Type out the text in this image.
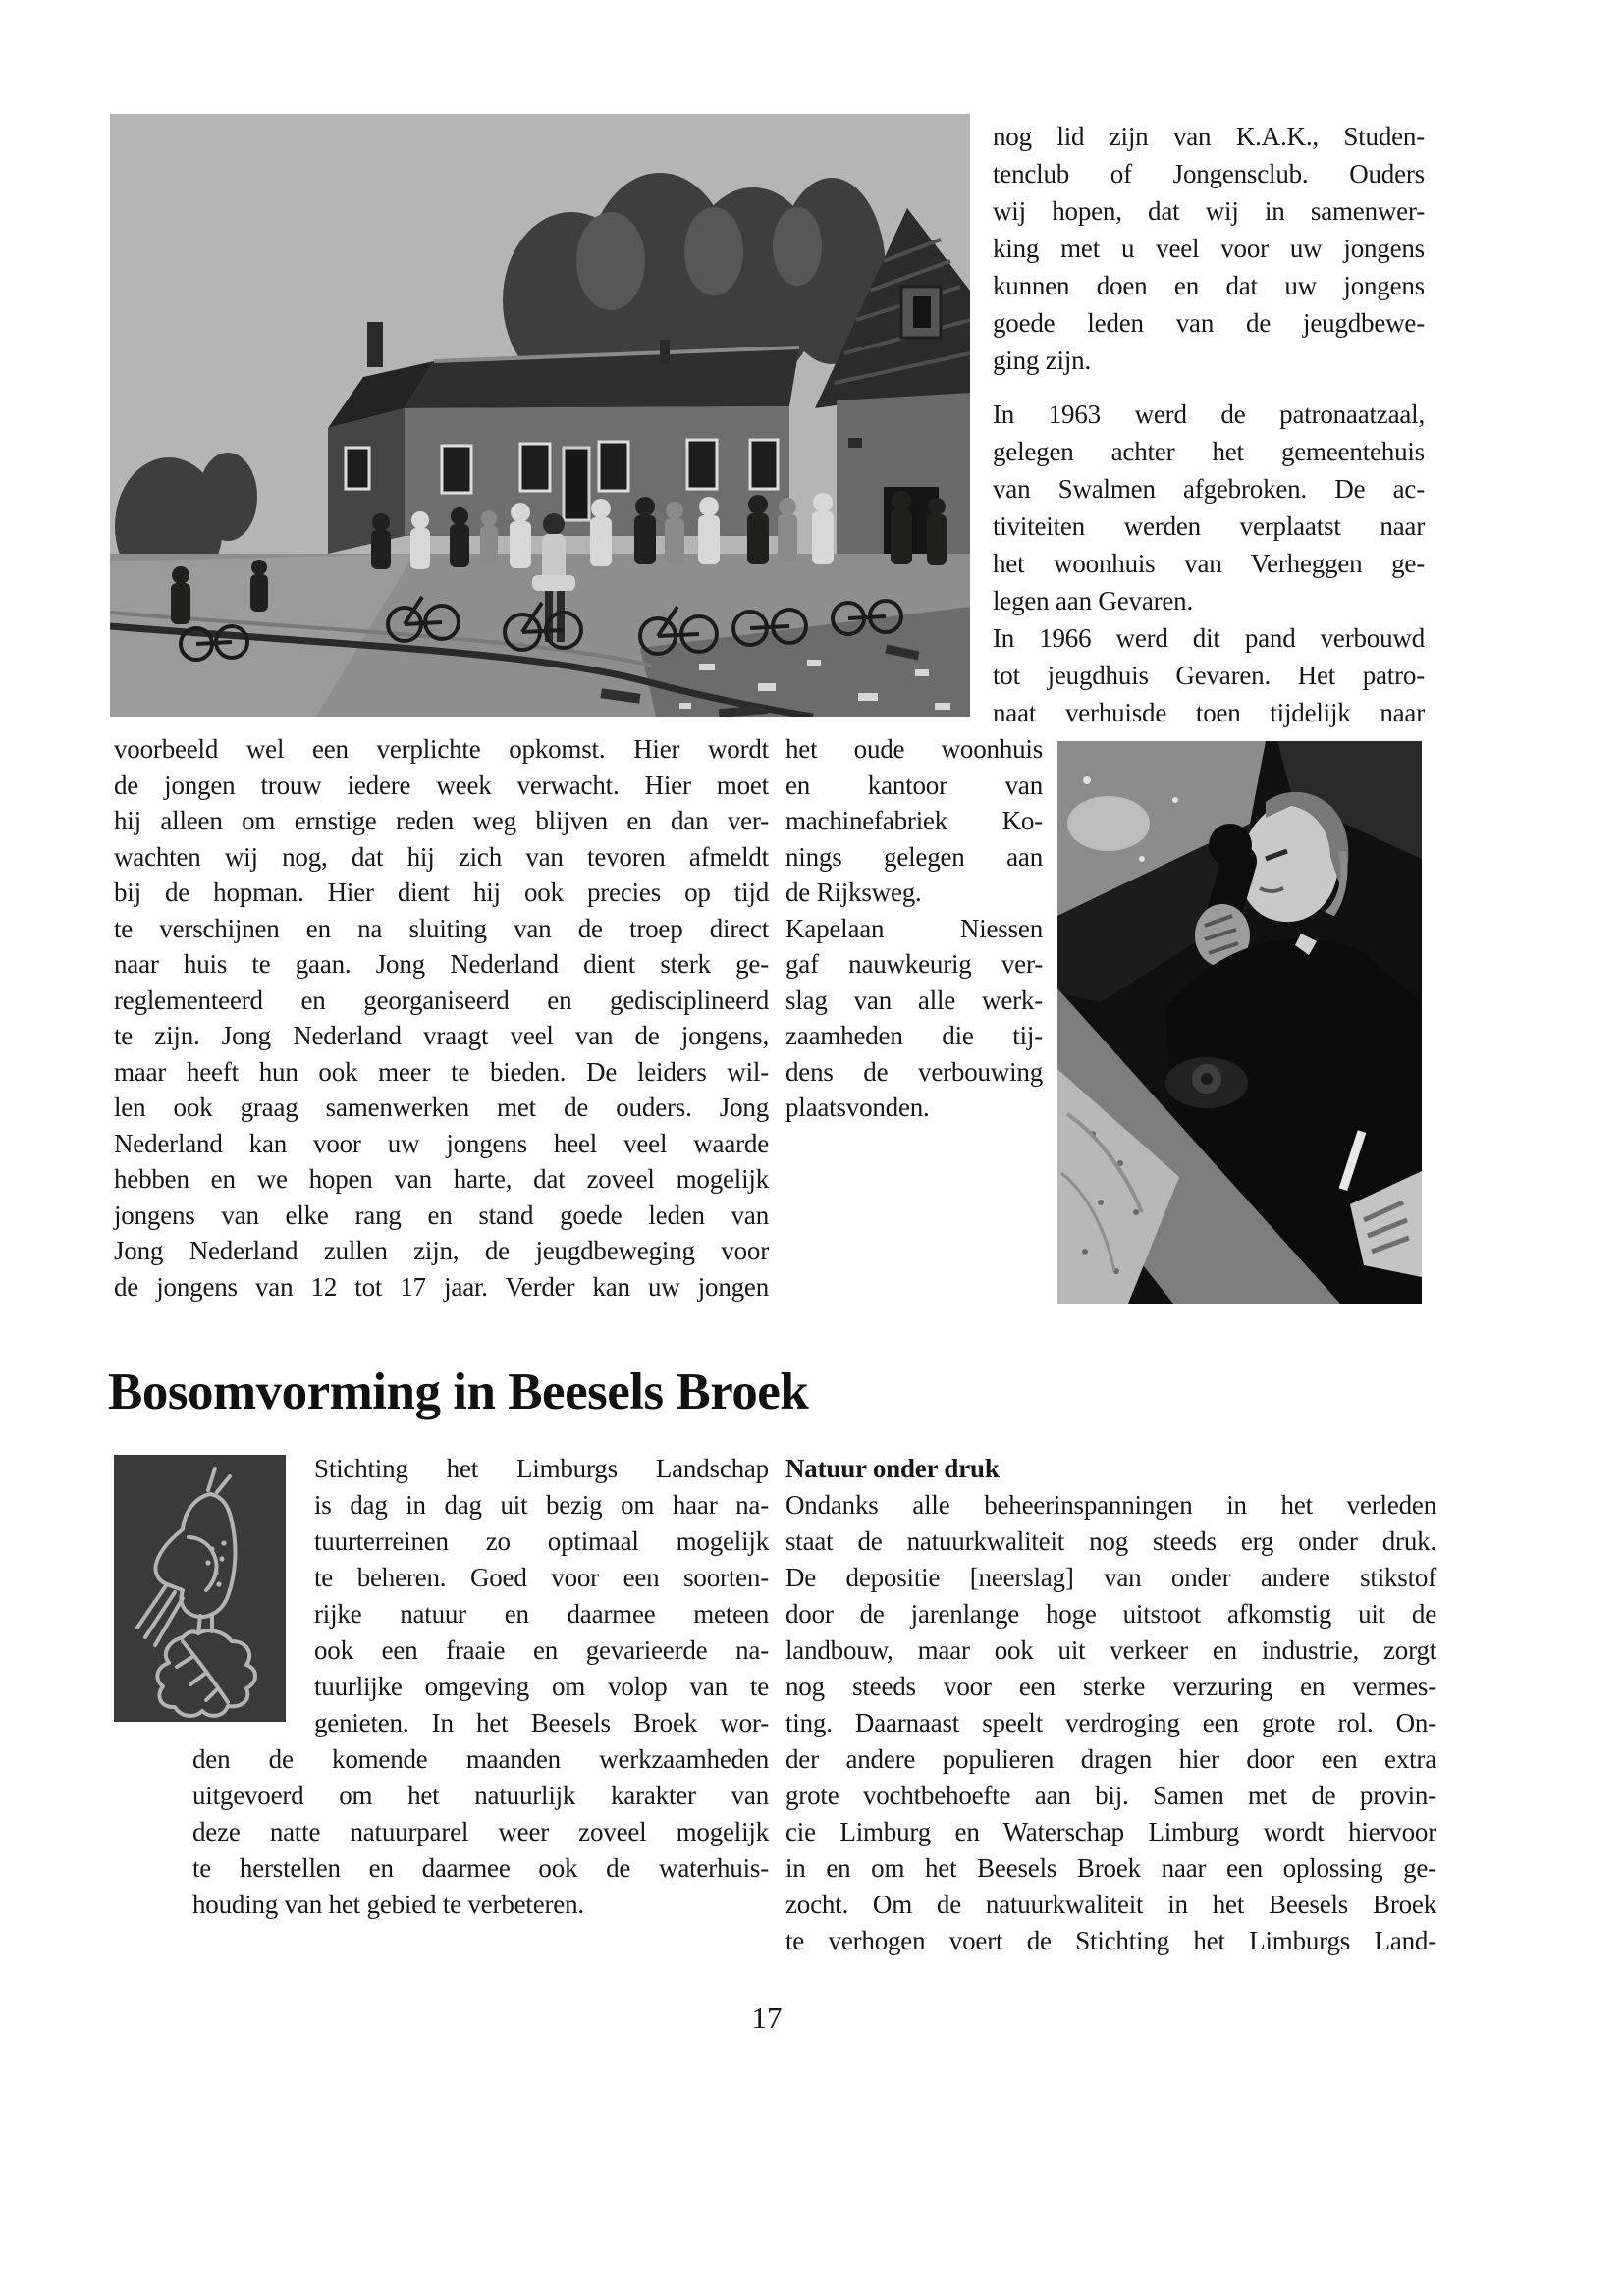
nog lid zijn van K.A.K., Studen-
tenclub of Jongensclub. Ouders
wij hopen, dat wij in samenwer-
king met u veel voor uw jongens
kunnen doen en dat uw jongens
goede leden van de jeugdbewe-
ging zijn.
In 1963 werd de patronaatzaal,
gelegen achter het gemeentehuis
van Swalmen afgebroken. De ac-
tiviteiten werden verplaatst naar
het woonhuis van Verheggen ge-
legen aan Gevaren.
In 1966 werd dit pand verbouwd
tot jeugdhuis Gevaren. Het patro-
naat verhuisde toen tijdelijk naar
voorbeeld wel een verplichte opkomst. Hier wordt
de jongen trouw iedere week verwacht. Hier moet
hij alleen om ernstige reden weg blijven en dan ver-
wachten wij nog, dat hij zich van tevoren afmeldt
bij de hopman. Hier dient hij ook precies op tijd
te verschijnen en na sluiting van de troep direct
naar huis te gaan. Jong Nederland dient sterk ge-
reglementeerd en georganiseerd en gedisciplineerd
te zijn. Jong Nederland vraagt veel van de jongens,
maar heeft hun ook meer te bieden. De leiders wil-
len ook graag samenwerken met de ouders. Jong
Nederland kan voor uw jongens heel veel waarde
hebben en we hopen van harte, dat zoveel mogelijk
jongens van elke rang en stand goede leden van
Jong Nederland zullen zijn, de jeugdbeweging voor
de jongens van 12 tot 17 jaar. Verder kan uw jongen
het oude woonhuis
en kantoor van
machinefabriek Ko-
nings gelegen aan
de Rijksweg.
Kapelaan Niessen
gaf nauwkeurig ver-
slag van alle werk-
zaamheden die tij-
dens de verbouwing
plaatsvonden.
Bosomvorming in Beesels Broek
Stichting het Limburgs Landschap
is dag in dag uit bezig om haar na-
tuurterreinen zo optimaal mogelijk
te beheren. Goed voor een soorten-
rijke natuur en daarmee meteen
ook een fraaie en gevarieerde na-
tuurlijke omgeving om volop van te
genieten. In het Beesels Broek wor-
den de komende maanden werkzaamheden
uitgevoerd om het natuurlijk karakter van
deze natte natuurparel weer zoveel mogelijk
te herstellen en daarmee ook de waterhuis-
houding van het gebied te verbeteren.
Natuur onder druk
Ondanks alle beheerinspanningen in het verleden
staat de natuurkwaliteit nog steeds erg onder druk.
De depositie [neerslag] van onder andere stikstof
door de jarenlange hoge uitstoot afkomstig uit de
landbouw, maar ook uit verkeer en industrie, zorgt
nog steeds voor een sterke verzuring en vermes-
ting. Daarnaast speelt verdroging een grote rol. On-
der andere populieren dragen hier door een extra
grote vochtbehoefte aan bij. Samen met de provin-
cie Limburg en Waterschap Limburg wordt hiervoor
in en om het Beesels Broek naar een oplossing ge-
zocht. Om de natuurkwaliteit in het Beesels Broek
te verhogen voert de Stichting het Limburgs Land-
17
